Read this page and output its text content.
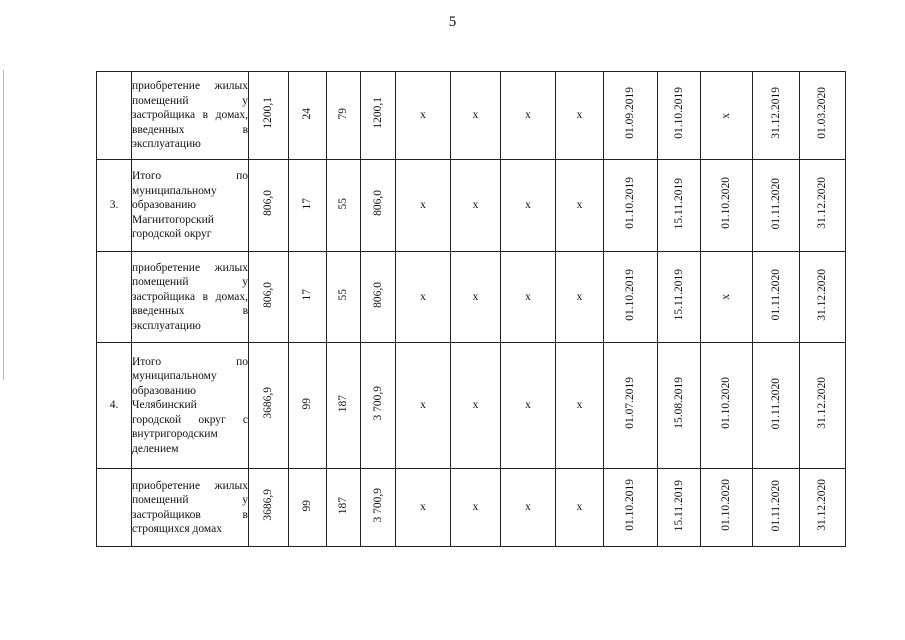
5
	приобретение жилых помещений у застройщика в домах, введенных в эксплуатацию	1200,1	24	79	1200,1	x	x	x	x	01.09.2019	01.10.2019	x	31.12.2019	01.03.2020
3.	Итого по муниципальному образованию Магнитогорский городской округ	806,0	17	55	806,0	x	x	x	x	01.10.2019	15.11.2019	01.10.2020	01.11.2020	31.12.2020
	приобретение жилых помещений у застройщика в домах, введенных в эксплуатацию	806,0	17	55	806,0	x	x	x	x	01.10.2019	15.11.2019	x	01.11.2020	31.12.2020
4.	Итого по муниципальному образованию Челябинский городской округ с внутригородским делением	3686,9	99	187	3 700,9	x	x	x	x	01.07.2019	15.08.2019	01.10.2020	01.11.2020	31.12.2020
	приобретение жилых помещений у застройщиков в строящихся домах	3686,9	99	187	3 700,9	x	x	x	x	01.10.2019	15.11.2019	01.10.2020	01.11.2020	31.12.2020
